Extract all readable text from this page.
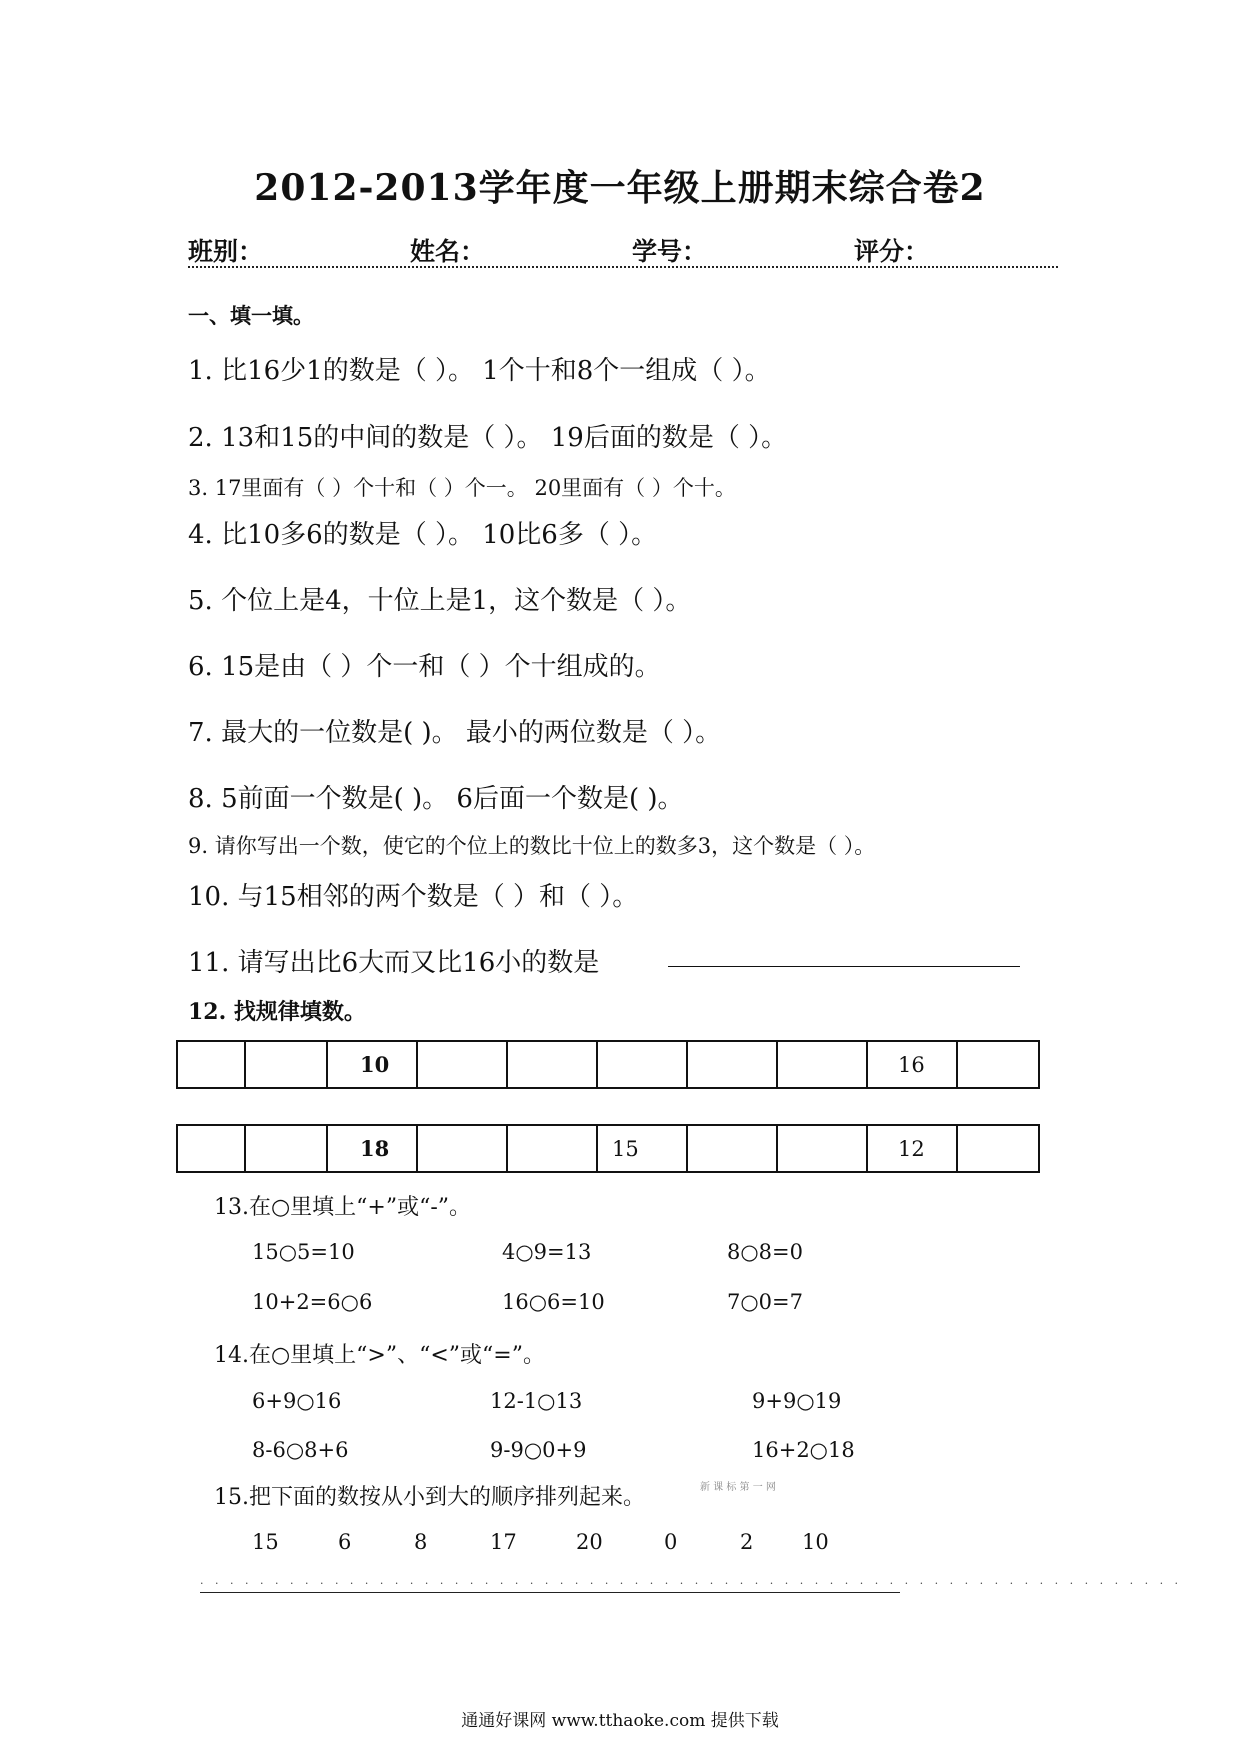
2012-2013学年度一年级上册期末综合卷2
班别：	姓名：	学号：	评分：
一、填一填。
1. 比16少1的数是（ ）。 1个十和8个一组成（ ）。
2. 13和15的中间的数是（ ）。 19后面的数是（ ）。
3. 17里面有（ ）个十和（ ）个一。 20里面有（ ）个十。
4. 比10多6的数是（ ）。 10比6多（ ）。
5. 个位上是4，十位上是1，这个数是（ ）。
6. 15是由（ ）个一和（ ）个十组成的。
7. 最大的一位数是( )。 最小的两位数是（ ）。
8. 5前面一个数是( )。 6后面一个数是( )。
9. 请你写出一个数，使它的个位上的数比十位上的数多3，这个数是（ ）。
10. 与15相邻的两个数是（ ）和（ ）。
11. 请写出比6大而又比16小的数是
12. 找规律填数。
		10						16	
		18			15			12	
13.在○里填上“+”或“-”。
15○5=10	4○9=13	8○8=0
10+2=6○6	16○6=10	7○0=7
14.在○里填上“>”、“<”或“=”。
6+9○16	12-1○13	9+9○19
8-6○8+6	9-9○0+9	16+2○18
15.把下面的数按从小到大的顺序排列起来。	新 课 标 第 一 网
15	6	8	17	20	0	2 10
. . . . . . . . . . . . . . . . . . . . . . . . . . . . . . . . . . . . . . . . . . . . . . . . . . . . . . . . . . . . . . . . . .
通通好课网 www.tthaoke.com 提供下载
